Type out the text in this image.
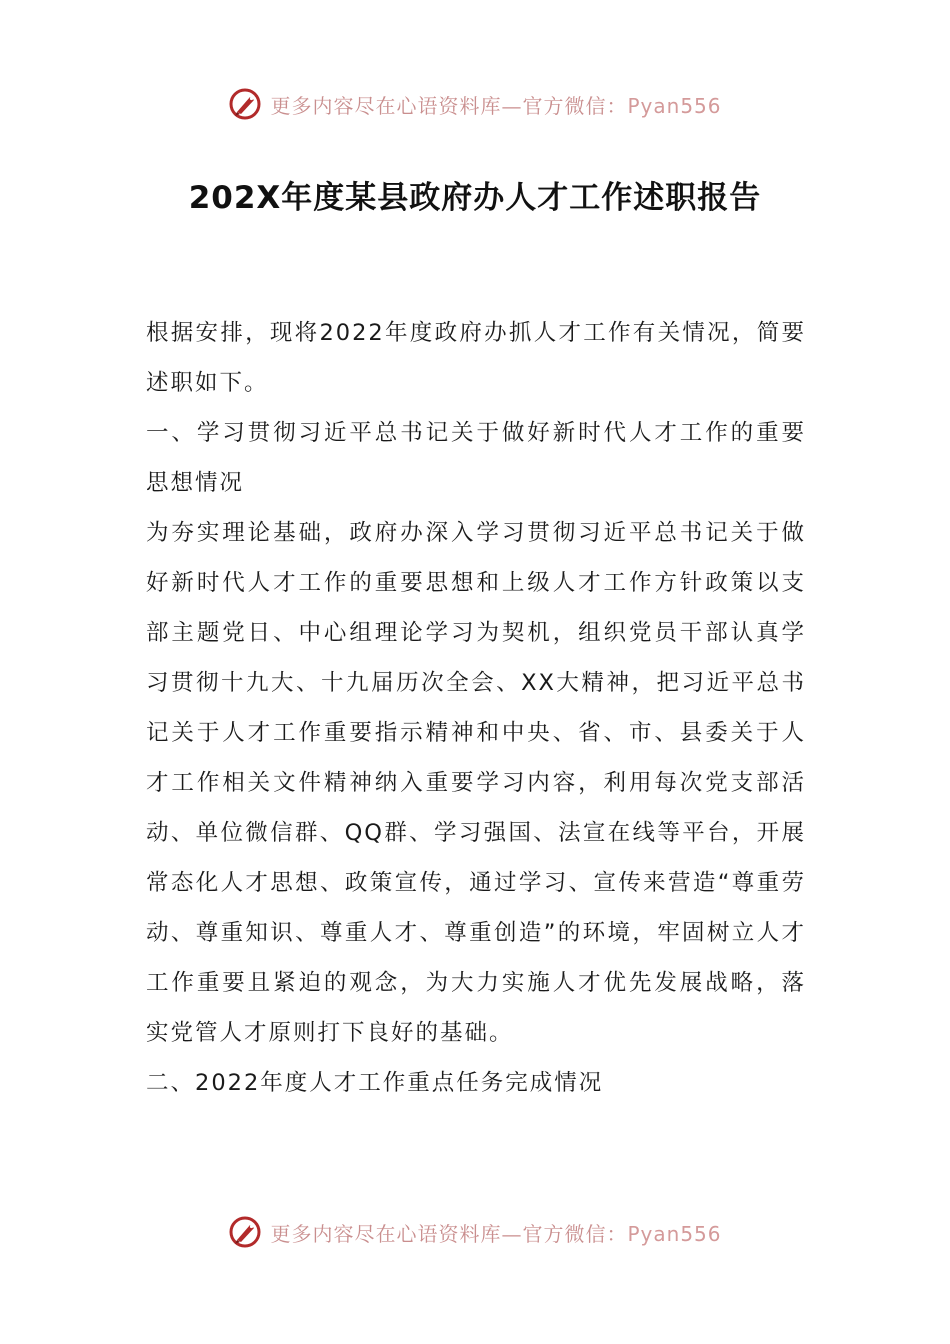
更多内容尽在心语资料库—官方微信：Pyan556
202X年度某县政府办人才工作述职报告

根据安排，现将2022年度政府办抓人才工作有关情况，简要述职如下。

一、学习贯彻习近平总书记关于做好新时代人才工作的重要思想情况

为夯实理论基础，政府办深入学习贯彻习近平总书记关于做好新时代人才工作的重要思想和上级人才工作方针政策以支部主题党日、中心组理论学习为契机，组织党员干部认真学习贯彻十九大、十九届历次全会、XX大精神，把习近平总书记关于人才工作重要指示精神和中央、省、市、县委关于人才工作相关文件精神纳入重要学习内容，利用每次党支部活动、单位微信群、QQ群、学习强国、法宣在线等平台，开展常态化人才思想、政策宣传，通过学习、宣传来营造“尊重劳动、尊重知识、尊重人才、尊重创造”的环境，牢固树立人才工作重要且紧迫的观念，为大力实施人才优先发展战略，落实党管人才原则打下良好的基础。

二、2022年度人才工作重点任务完成情况

更多内容尽在心语资料库—官方微信：Pyan556
